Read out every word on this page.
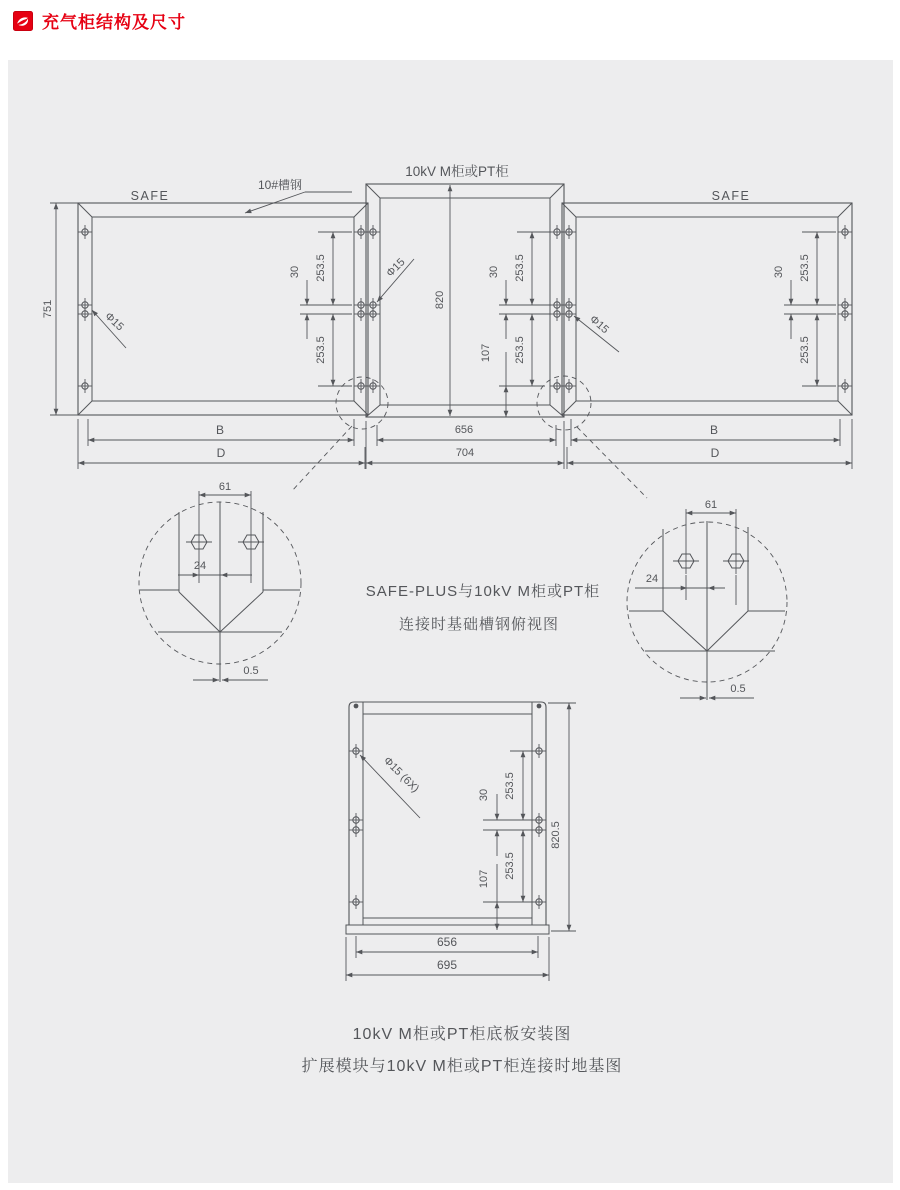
充气柜结构及尺寸
SAFE
10kV M柜或PT柜
SAFE
10#槽钢
751	820
Φ15
Φ15
Φ15
253.5
30
253.5
253.5
30
253.5
107
253.5
30
253.5
B	656	B
D	704	D
61
24
0.5
61
24
0.5
SAFE-PLUS与10kV M柜或PT柜
连接时基础槽钢俯视图
Φ15 (6X)	253.5
30
253.5
107
820.5
656
695
10kV M柜或PT柜底板安装图
扩展模块与10kV M柜或PT柜连接时地基图
